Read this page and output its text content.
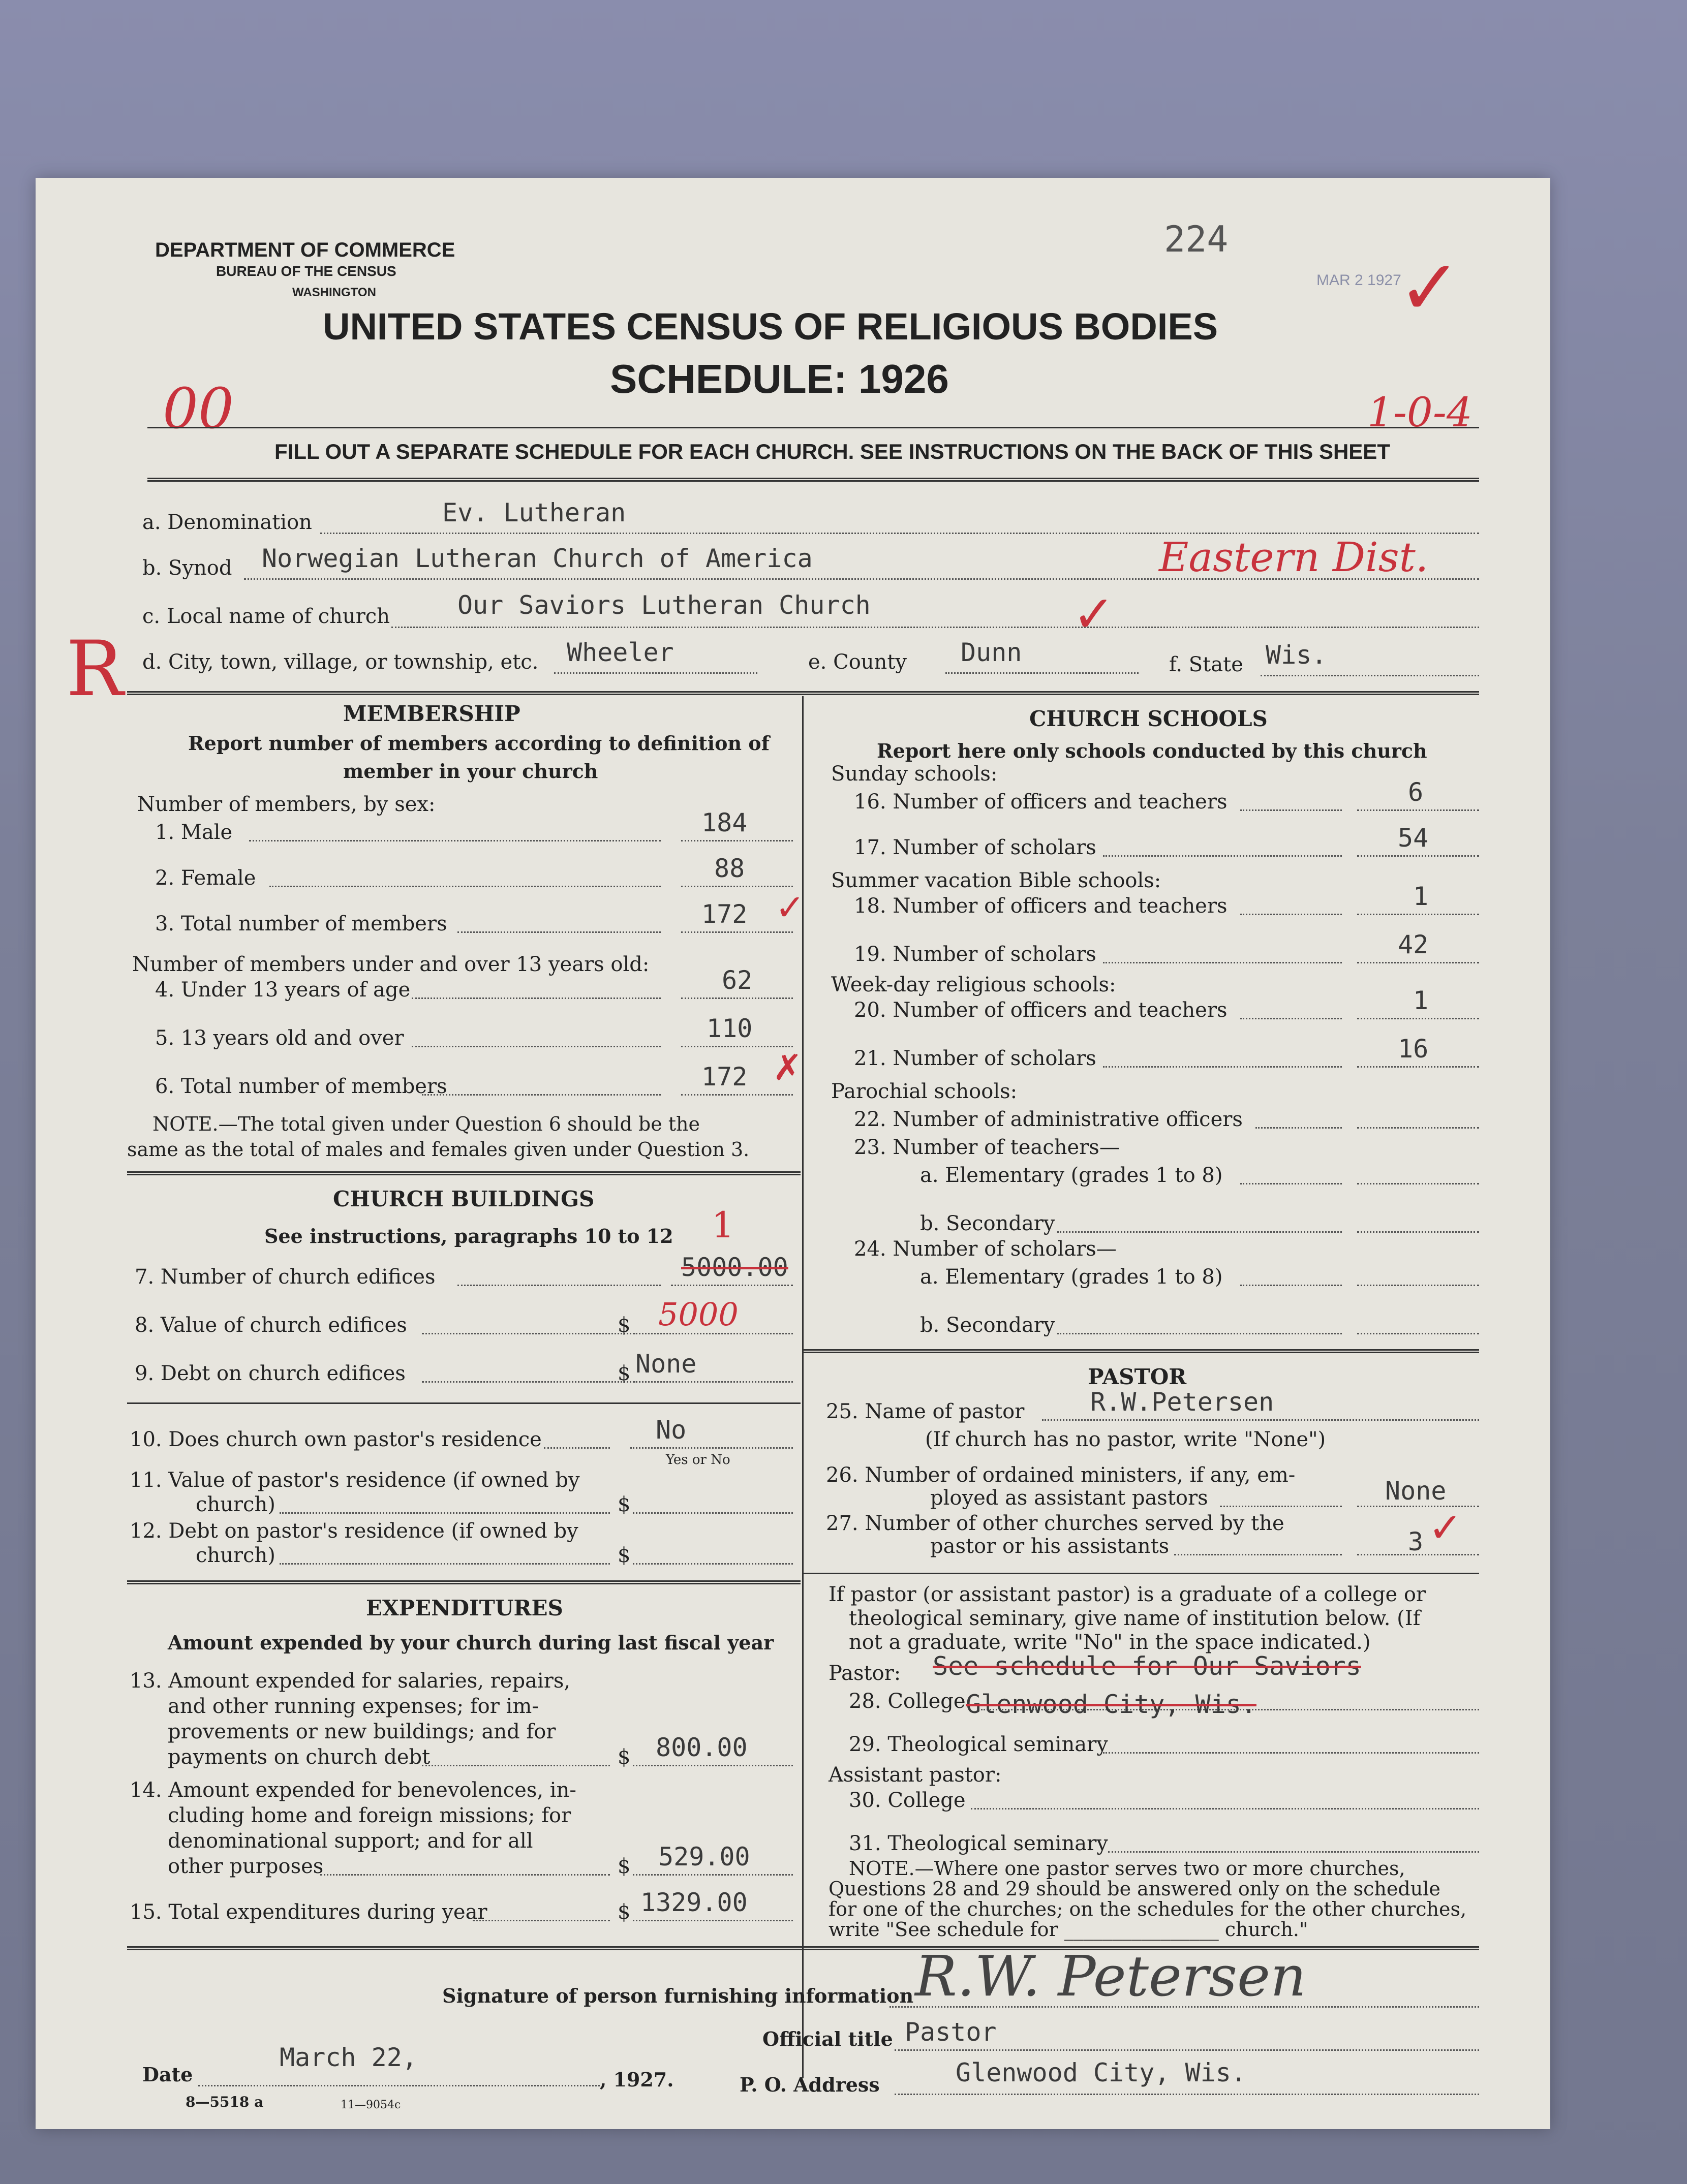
DEPARTMENT OF COMMERCE
BUREAU OF THE CENSUS
WASHINGTON
224
MAR 2 1927
✓
UNITED STATES CENSUS OF RELIGIOUS BODIES
SCHEDULE: 1926
00	1-0-4
FILL OUT A SEPARATE SCHEDULE FOR EACH CHURCH. SEE INSTRUCTIONS ON THE BACK OF THIS SHEET
R
a. Denomination	Ev. Lutheran
b. Synod Norwegian Lutheran Church of America	Eastern Dist.
c. Local name of church	Our Saviors Lutheran Church	✓
d. City, town, village, or township, etc. Wheeler	e. County Dunn	f. State Wis.
MEMBERSHIP
Report number of members according to definition of
member in your church
Number of members, by sex:
1. Male	184
2. Female	88
3. Total number of members	172 ✓
Number of members under and over 13 years old:
4. Under 13 years of age	62
5. 13 years old and over	110
6. Total number of members	172 ✗
NOTE.—The total given under Question 6 should be the
same as the total of males and females given under Question 3.
CHURCH BUILDINGS
See instructions, paragraphs 10 to 12 1
7. Number of church edifices	5000.00
8. Value of church edifices	$ 5000
9. Debt on church edifices	$ None
10. Does church own pastor's residence	No
Yes or No
11. Value of pastor's residence (if owned by
church)	$
12. Debt on pastor's residence (if owned by
church)	$
EXPENDITURES
Amount expended by your church during last fiscal year
13. Amount expended for salaries, repairs,
and other running expenses; for im-
provements or new buildings; and for
payments on church debt	$ 800.00
14. Amount expended for benevolences, in-
cluding home and foreign missions; for
denominational support; and for all
other purposes	$ 529.00
15. Total expenditures during year	$ 1329.00
CHURCH SCHOOLS
Report here only schools conducted by this church
Sunday schools:
16. Number of officers and teachers	6
17. Number of scholars	54
Summer vacation Bible schools:
18. Number of officers and teachers	1
19. Number of scholars	42
Week-day religious schools:
20. Number of officers and teachers	1
21. Number of scholars	16
Parochial schools:
22. Number of administrative officers
23. Number of teachers—
a. Elementary (grades 1 to 8)
b. Secondary
24. Number of scholars—
a. Elementary (grades 1 to 8)
b. Secondary
PASTOR
25. Name of pastor	R.W.Petersen
(If church has no pastor, write "None")
26. Number of ordained ministers, if any, em-
ployed as assistant pastors	None
27. Number of other churches served by the
pastor or his assistants	3 ✓
If pastor (or assistant pastor) is a graduate of a college or
theological seminary, give name of institution below. (If
not a graduate, write "No" in the space indicated.)
Pastor: See schedule for Our Saviors
28. College Glenwood City, Wis.
29. Theological seminary
Assistant pastor:
30. College
31. Theological seminary
NOTE.—Where one pastor serves two or more churches,
Questions 28 and 29 should be answered only on the schedule
for one of the churches; on the schedules for the other churches,
write "See schedule for ________________ church."
Signature of person furnishing information R.W. Petersen
Official title Pastor
Date
March 22,
, 1927.	P. O. Address	Glenwood City, Wis.
8—5518 a	11—9054c
